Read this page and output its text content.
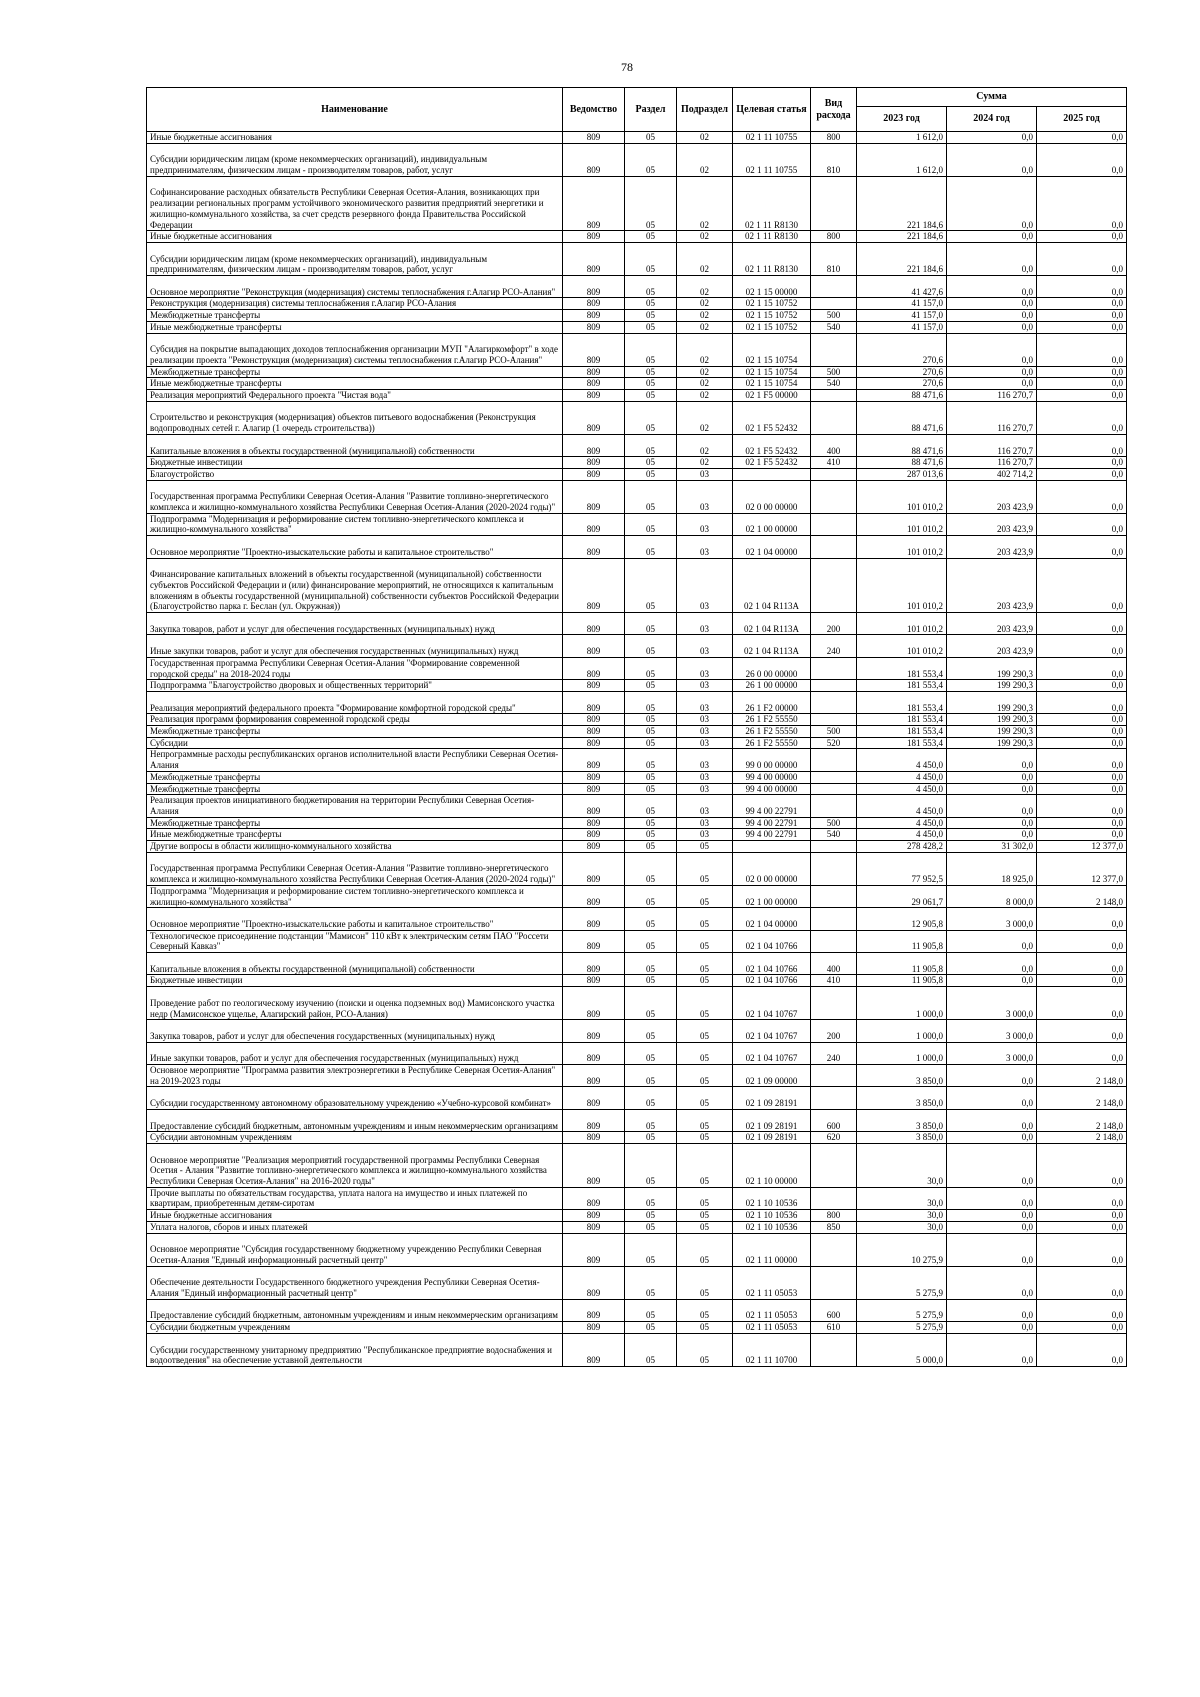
78
Наименование	Ведомство	Раздел	Подраздел	Целевая статья	Вид расхода	Сумма		
						2023 год	2024 год	2025 год
Иные бюджетные ассигнования	809	05	02	02 1 11 10755	800	1 612,0	0,0	0,0
Субсидии юридическим лицам (кроме некоммерческих организаций), индивидуальным предпринимателям, физическим лицам - производителям товаров, работ, услуг	809	05	02	02 1 11 10755	810	1 612,0	0,0	0,0
Софинансирование расходных обязательств Республики Северная Осетия-Алания, возникающих при реализации региональных программ устойчивого экономического развития предприятий энергетики и жилищно-коммунального хозяйства, за счет средств резервного фонда Правительства Российской Федерации	809	05	02	02 1 11 R8130		221 184,6	0,0	0,0
Иные бюджетные ассигнования	809	05	02	02 1 11 R8130	800	221 184,6	0,0	0,0
Субсидии юридическим лицам (кроме некоммерческих организаций), индивидуальным предпринимателям, физическим лицам - производителям товаров, работ, услуг	809	05	02	02 1 11 R8130	810	221 184,6	0,0	0,0
Основное мероприятие "Реконструкция (модернизация) системы теплоснабжения г.Алагир РСО-Алания"	809	05	02	02 1 15 00000		41 427,6	0,0	0,0
Реконструкция (модернизация) системы теплоснабжения г.Алагир РСО-Алания	809	05	02	02 1 15 10752		41 157,0	0,0	0,0
Межбюджетные трансферты	809	05	02	02 1 15 10752	500	41 157,0	0,0	0,0
Иные межбюджетные трансферты	809	05	02	02 1 15 10752	540	41 157,0	0,0	0,0
Субсидия на покрытие выпадающих доходов теплоснабжения организации МУП "Алагиркомфорт" в ходе реализации проекта "Реконструкция (модернизация) системы теплоснабжения г.Алагир РСО-Алания"	809	05	02	02 1 15 10754		270,6	0,0	0,0
Межбюджетные трансферты	809	05	02	02 1 15 10754	500	270,6	0,0	0,0
Иные межбюджетные трансферты	809	05	02	02 1 15 10754	540	270,6	0,0	0,0
Реализация мероприятий Федерального проекта "Чистая вода"	809	05	02	02 1 F5 00000		88 471,6	116 270,7	0,0
Строительство и реконструкция (модернизация) объектов питьевого водоснабжения (Реконструкция водопроводных сетей г. Алагир (1 очередь строительства))	809	05	02	02 1 F5 52432		88 471,6	116 270,7	0,0
Капитальные вложения в объекты государственной (муниципальной) собственности	809	05	02	02 1 F5 52432	400	88 471,6	116 270,7	0,0
Бюджетные инвестиции	809	05	02	02 1 F5 52432	410	88 471,6	116 270,7	0,0
Благоустройство	809	05	03			287 013,6	402 714,2	0,0
Государственная программа Республики Северная Осетия-Алания "Развитие топливно-энергетического комплекса и жилищно-коммунального хозяйства Республики Северная Осетия-Алания (2020-2024 годы)"	809	05	03	02 0 00 00000		101 010,2	203 423,9	0,0
Подпрограмма "Модернизация и реформирование систем топливно-энергетического комплекса и жилищно-коммунального хозяйства"	809	05	03	02 1 00 00000		101 010,2	203 423,9	0,0
Основное мероприятие "Проектно-изыскательские работы и капитальное строительство"	809	05	03	02 1 04 00000		101 010,2	203 423,9	0,0
Финансирование капитальных вложений в объекты государственной (муниципальной) собственности субъектов Российской Федерации и (или) финансирование мероприятий, не относящихся к капитальным вложениям в объекты государственной (муниципальной) собственности субъектов Российской Федерации (Благоустройство парка г. Беслан (ул. Окружная))	809	05	03	02 1 04 R113A		101 010,2	203 423,9	0,0
Закупка товаров, работ и услуг для обеспечения государственных (муниципальных) нужд	809	05	03	02 1 04 R113A	200	101 010,2	203 423,9	0,0
Иные закупки товаров, работ и услуг для обеспечения государственных (муниципальных) нужд	809	05	03	02 1 04 R113A	240	101 010,2	203 423,9	0,0
Государственная программа Республики Северная Осетия-Алания "Формирование современной городской среды" на 2018-2024 годы	809	05	03	26 0 00 00000		181 553,4	199 290,3	0,0
Подпрограмма "Благоустройство дворовых и общественных территорий"	809	05	03	26 1 00 00000		181 553,4	199 290,3	0,0
Реализация мероприятий федерального проекта "Формирование комфортной городской среды"	809	05	03	26 1 F2 00000		181 553,4	199 290,3	0,0
Реализация программ формирования современной городской среды	809	05	03	26 1 F2 55550		181 553,4	199 290,3	0,0
Межбюджетные трансферты	809	05	03	26 1 F2 55550	500	181 553,4	199 290,3	0,0
Субсидии	809	05	03	26 1 F2 55550	520	181 553,4	199 290,3	0,0
Непрограммные расходы республиканских органов исполнительной власти Республики Северная Осетия-Алания	809	05	03	99 0 00 00000		4 450,0	0,0	0,0
Межбюджетные трансферты	809	05	03	99 4 00 00000		4 450,0	0,0	0,0
Межбюджетные трансферты	809	05	03	99 4 00 00000		4 450,0	0,0	0,0
Реализация проектов инициативного бюджетирования на территории Республики Северная Осетия-Алания	809	05	03	99 4 00 22791		4 450,0	0,0	0,0
Межбюджетные трансферты	809	05	03	99 4 00 22791	500	4 450,0	0,0	0,0
Иные межбюджетные трансферты	809	05	03	99 4 00 22791	540	4 450,0	0,0	0,0
Другие вопросы в области жилищно-коммунального хозяйства	809	05	05			278 428,2	31 302,0	12 377,0
Государственная программа Республики Северная Осетия-Алания "Развитие топливно-энергетического комплекса и жилищно-коммунального хозяйства Республики Северная Осетия-Алания (2020-2024 годы)"	809	05	05	02 0 00 00000		77 952,5	18 925,0	12 377,0
Подпрограмма "Модернизация и реформирование систем топливно-энергетического комплекса и жилищно-коммунального хозяйства"	809	05	05	02 1 00 00000		29 061,7	8 000,0	2 148,0
Основное мероприятие "Проектно-изыскательские работы и капитальное строительство"	809	05	05	02 1 04 00000		12 905,8	3 000,0	0,0
Технологическое присоединение подстанции "Мамисон" 110 кВт к электрическим сетям ПАО "Россети Северный Кавказ"	809	05	05	02 1 04 10766		11 905,8	0,0	0,0
Капитальные вложения в объекты государственной (муниципальной) собственности	809	05	05	02 1 04 10766	400	11 905,8	0,0	0,0
Бюджетные инвестиции	809	05	05	02 1 04 10766	410	11 905,8	0,0	0,0
Проведение работ по геологическому изучению (поиски и оценка подземных вод) Мамисонского участка недр (Мамисонское ущелье, Алагирский район, РСО-Алания)	809	05	05	02 1 04 10767		1 000,0	3 000,0	0,0
Закупка товаров, работ и услуг для обеспечения государственных (муниципальных) нужд	809	05	05	02 1 04 10767	200	1 000,0	3 000,0	0,0
Иные закупки товаров, работ и услуг для обеспечения государственных (муниципальных) нужд	809	05	05	02 1 04 10767	240	1 000,0	3 000,0	0,0
Основное мероприятие "Программа развития электроэнергетики в Республике Северная Осетия-Алания" на 2019-2023 годы	809	05	05	02 1 09 00000		3 850,0	0,0	2 148,0
Субсидии государственному автономному образовательному учреждению «Учебно-курсовой комбинат»	809	05	05	02 1 09 28191		3 850,0	0,0	2 148,0
Предоставление субсидий бюджетным, автономным учреждениям и иным некоммерческим организациям	809	05	05	02 1 09 28191	600	3 850,0	0,0	2 148,0
Субсидии автономным учреждениям	809	05	05	02 1 09 28191	620	3 850,0	0,0	2 148,0
Основное мероприятие "Реализация мероприятий государственной программы Республики Северная Осетия - Алания "Развитие топливно-энергетического комплекса и жилищно-коммунального хозяйства Республики Северная Осетия-Алания" на 2016-2020 годы"	809	05	05	02 1 10 00000		30,0	0,0	0,0
Прочие выплаты по обязательствам государства, уплата налога на имущество и иных платежей по квартирам, приобретенным детям-сиротам	809	05	05	02 1 10 10536		30,0	0,0	0,0
Иные бюджетные ассигнования	809	05	05	02 1 10 10536	800	30,0	0,0	0,0
Уплата налогов, сборов и иных платежей	809	05	05	02 1 10 10536	850	30,0	0,0	0,0
Основное мероприятие "Субсидия государственному бюджетному учреждению Республики Северная Осетия-Алания "Единый информационный расчетный центр"	809	05	05	02 1 11 00000		10 275,9	0,0	0,0
Обеспечение деятельности Государственного бюджетного учреждения Республики Северная Осетия-Алания "Единый информационный расчетный центр"	809	05	05	02 1 11 05053		5 275,9	0,0	0,0
Предоставление субсидий бюджетным, автономным учреждениям и иным некоммерческим организациям	809	05	05	02 1 11 05053	600	5 275,9	0,0	0,0
Субсидии бюджетным учреждениям	809	05	05	02 1 11 05053	610	5 275,9	0,0	0,0
Субсидии государственному унитарному предприятию "Республиканское предприятие водоснабжения и водоотведения" на обеспечение уставной деятельности	809	05	05	02 1 11 10700		5 000,0	0,0	0,0
